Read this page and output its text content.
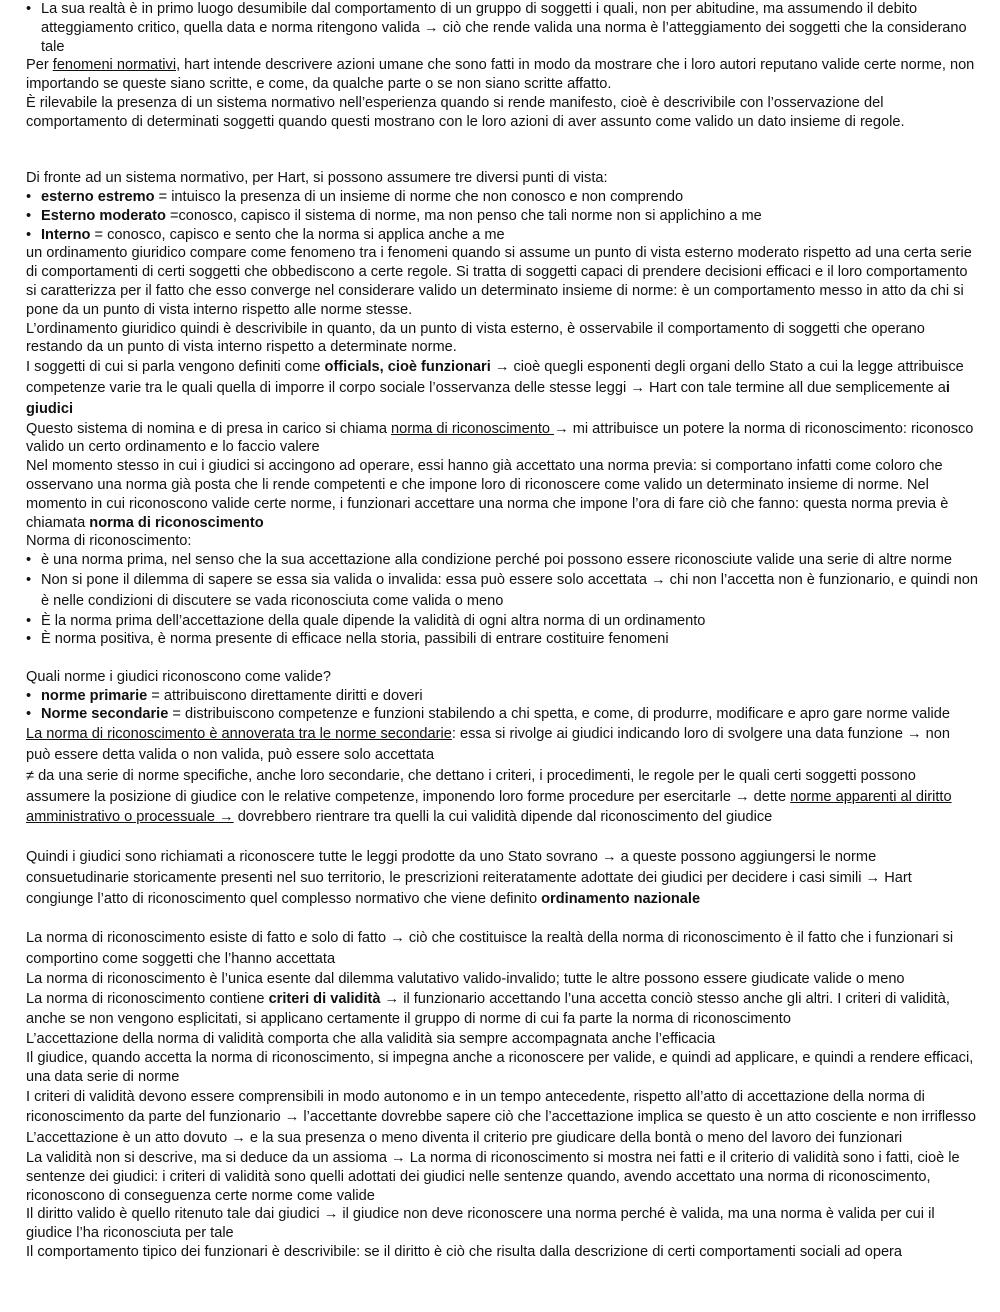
• La sua realtà è in primo luogo desumibile dal comportamento di un gruppo di soggetti i quali, non per abitudine, ma assumendo il debito atteggiamento critico, quella data e norma ritengono valida → ciò che rende valida una norma è l’atteggiamento dei soggetti che la considerano tale

Per fenomeni normativi, hart intende descrivere azioni umane che sono fatti in modo da mostrare che i loro autori reputano valide certe norme, non importando se queste siano scritte, e come, da qualche parte o se non siano scritte affatto.

È rilevabile la presenza di un sistema normativo nell’esperienza quando si rende manifesto, cioè è descrivibile con l’osservazione del comportamento di determinati soggetti quando questi mostrano con le loro azioni di aver assunto come valido un dato insieme di regole.

Di fronte ad un sistema normativo, per Hart, si possono assumere tre diversi punti di vista:

• esterno estremo = intuisco la presenza di un insieme di norme che non conosco e non comprendo
• Esterno moderato =conosco, capisco il sistema di norme, ma non penso che tali norme non si applichino a me
• Interno = conosco, capisco e sento che la norma si applica anche a me

un ordinamento giuridico compare come fenomeno tra i fenomeni quando si assume un punto di vista esterno moderato rispetto ad una certa serie di comportamenti di certi soggetti che obbediscono a certe regole. Si tratta di soggetti capaci di prendere decisioni efficaci e il loro comportamento si caratterizza per il fatto che esso converge nel considerare valido un determinato insieme di norme: è un comportamento messo in atto da chi si pone da un punto di vista interno rispetto alle norme stesse.

L’ordinamento giuridico quindi è descrivibile in quanto, da un punto di vista esterno, è osservabile il comportamento di soggetti che operano restando da un punto di vista interno rispetto a determinate norme.

I soggetti di cui si parla vengono definiti come officials, cioè funzionari → cioè quegli esponenti degli organi dello Stato a cui la legge attribuisce competenze varie tra le quali quella di imporre il corpo sociale l’osservanza delle stesse leggi → Hart con tale termine all due semplicemente ai giudici

Questo sistema di nomina e di presa in carico si chiama norma di riconoscimento → mi attribuisce un potere la norma di riconoscimento: riconosco valido un certo ordinamento e lo faccio valere

Nel momento stesso in cui i giudici si accingono ad operare, essi hanno già accettato una norma previa: si comportano infatti come coloro che osservano una norma già posta che li rende competenti e che impone loro di riconoscere come valido un determinato insieme di norme. Nel momento in cui riconoscono valide certe norme, i funzionari accettare una norma che impone l’ora di fare ciò che fanno: questa norma previa è chiamata norma di riconoscimento

Norma di riconoscimento:

• è una norma prima, nel senso che la sua accettazione alla condizione perché poi possono essere riconosciute valide una serie di altre norme
• Non si pone il dilemma di sapere se essa sia valida o invalida: essa può essere solo accettata → chi non l’accetta non è funzionario, e quindi non è nelle condizioni di discutere se vada riconosciuta come valida o meno
• È la norma prima dell’accettazione della quale dipende la validità di ogni altra norma di un ordinamento
• È norma positiva, è norma presente di efficace nella storia, passibili di entrare costituire fenomeni

Quali norme i giudici riconoscono come valide?

• norme primarie = attribuiscono direttamente diritti e doveri
• Norme secondarie = distribuiscono competenze e funzioni stabilendo a chi spetta, e come, di produrre, modificare e apro gare norme valide

La norma di riconoscimento è annoverata tra le norme secondarie: essa si rivolge ai giudici indicando loro di svolgere una data funzione → non può essere detta valida o non valida, può essere solo accettata

≠ da una serie di norme specifiche, anche loro secondarie, che dettano i criteri, i procedimenti, le regole per le quali certi soggetti possono assumere la posizione di giudice con le relative competenze, imponendo loro forme procedure per esercitarle → dette norme apparenti al diritto amministrativo o processuale → dovrebbero rientrare tra quelli la cui validità dipende dal riconoscimento del giudice

Quindi i giudici sono richiamati a riconoscere tutte le leggi prodotte da uno Stato sovrano → a queste possono aggiungersi le norme consuetudinarie storicamente presenti nel suo territorio, le prescrizioni reiteratamente adottate dei giudici per decidere i casi simili → Hart congiunge l’atto di riconoscimento quel complesso normativo che viene definito ordinamento nazionale

La norma di riconoscimento esiste di fatto e solo di fatto → ciò che costituisce la realtà della norma di riconoscimento è il fatto che i funzionari si comportino come soggetti che l’hanno accettata

La norma di riconoscimento è l’unica esente dal dilemma valutativo valido-invalido; tutte le altre possono essere giudicate valide o meno

La norma di riconoscimento contiene criteri di validità → il funzionario accettando l’una accetta conciò stesso anche gli altri. I criteri di validità, anche se non vengono esplicitati, si applicano certamente il gruppo di norme di cui fa parte la norma di riconoscimento

L’accettazione della norma di validità comporta che alla validità sia sempre accompagnata anche l’efficacia

Il giudice, quando accetta la norma di riconoscimento, si impegna anche a riconoscere per valide, e quindi ad applicare, e quindi a rendere efficaci, una data serie di norme

I criteri di validità devono essere comprensibili in modo autonomo e in un tempo antecedente, rispetto all’atto di accettazione della norma di riconoscimento da parte del funzionario → l’accettante dovrebbe sapere ciò che l’accettazione implica se questo è un atto cosciente e non irriflesso

L’accettazione è un atto dovuto → e la sua presenza o meno diventa il criterio pre giudicare della bontà o meno del lavoro dei funzionari

La validità non si descrive, ma si deduce da un assioma → La norma di riconoscimento si mostra nei fatti e il criterio di validità sono i fatti, cioè le sentenze dei giudici: i criteri di validità sono quelli adottati dei giudici nelle sentenze quando, avendo accettato una norma di riconoscimento, riconoscono di conseguenza certe norme come valide

Il diritto valido è quello ritenuto tale dai giudici → il giudice non deve riconoscere una norma perché è valida, ma una norma è valida per cui il giudice l’ha riconosciuta per tale

Il comportamento tipico dei funzionari è descrivibile: se il diritto è ciò che risulta dalla descrizione di certi comportamenti sociali ad opera
